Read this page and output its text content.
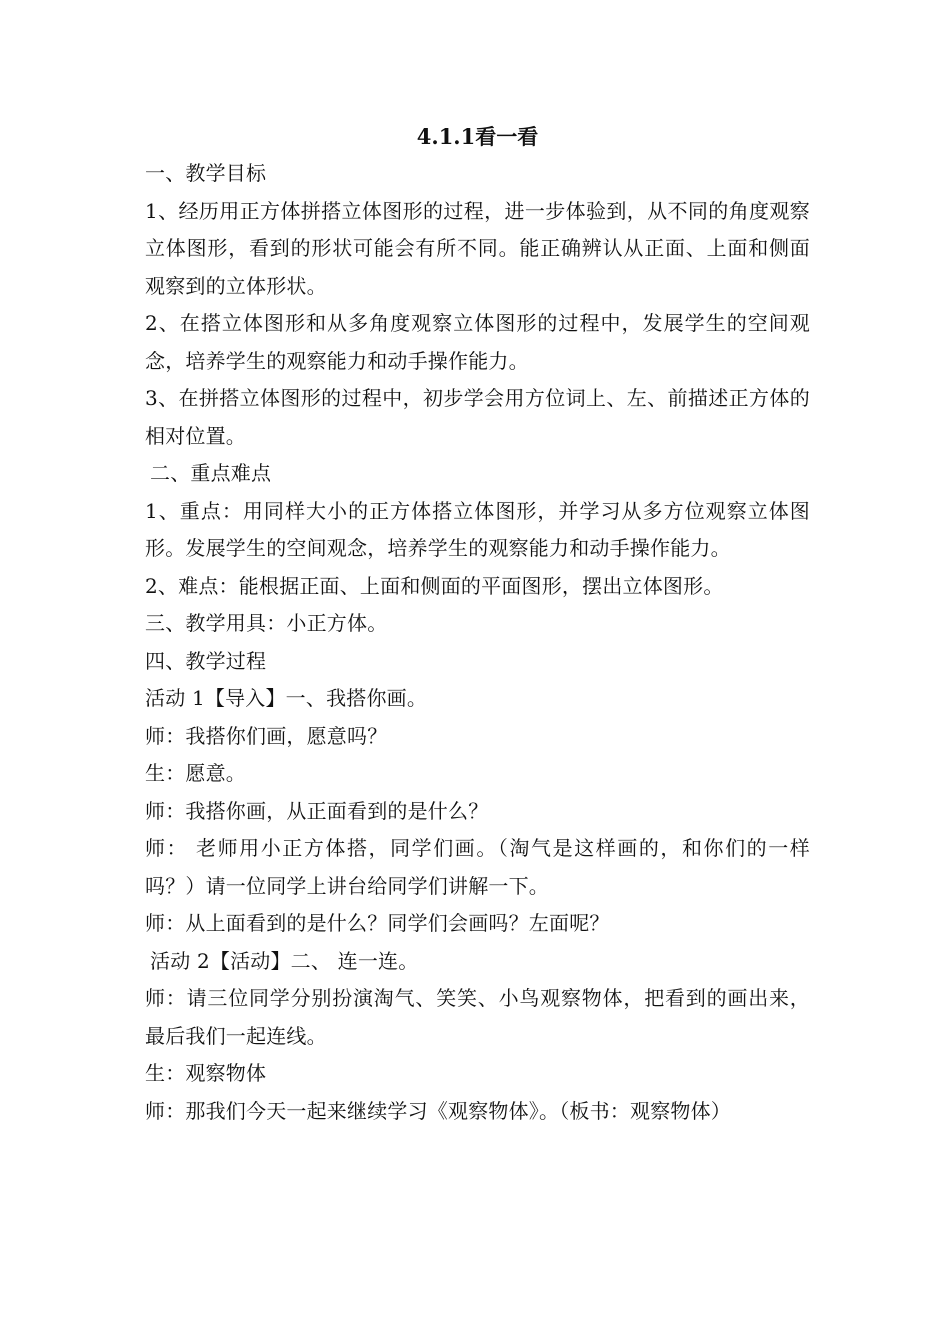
4.1.1看一看

一、教学目标

1、经历用正方体拼搭立体图形的过程，进一步体验到，从不同的角度观察立体图形，看到的形状可能会有所不同。能正确辨认从正面、上面和侧面观察到的立体形状。

2、在搭立体图形和从多角度观察立体图形的过程中，发展学生的空间观念，培养学生的观察能力和动手操作能力。

3、在拼搭立体图形的过程中，初步学会用方位词上、左、前描述正方体的相对位置。

二、重点难点

1、重点：用同样大小的正方体搭立体图形，并学习从多方位观察立体图形。发展学生的空间观念，培养学生的观察能力和动手操作能力。

2、难点：能根据正面、上面和侧面的平面图形，摆出立体图形。

三、教学用具：小正方体。

四、教学过程

活动 1【导入】一、我搭你画。

师：我搭你们画，愿意吗？

生：愿意。

师：我搭你画，从正面看到的是什么？

师： 老师用小正方体搭，同学们画。（淘气是这样画的，和你们的一样吗？）请一位同学上讲台给同学们讲解一下。

师：从上面看到的是什么？同学们会画吗？左面呢？

活动 2【活动】二、 连一连。

师：请三位同学分别扮演淘气、笑笑、小鸟观察物体，把看到的画出来，最后我们一起连线。

生：观察物体

师：那我们今天一起来继续学习《观察物体》。（板书：观察物体）
